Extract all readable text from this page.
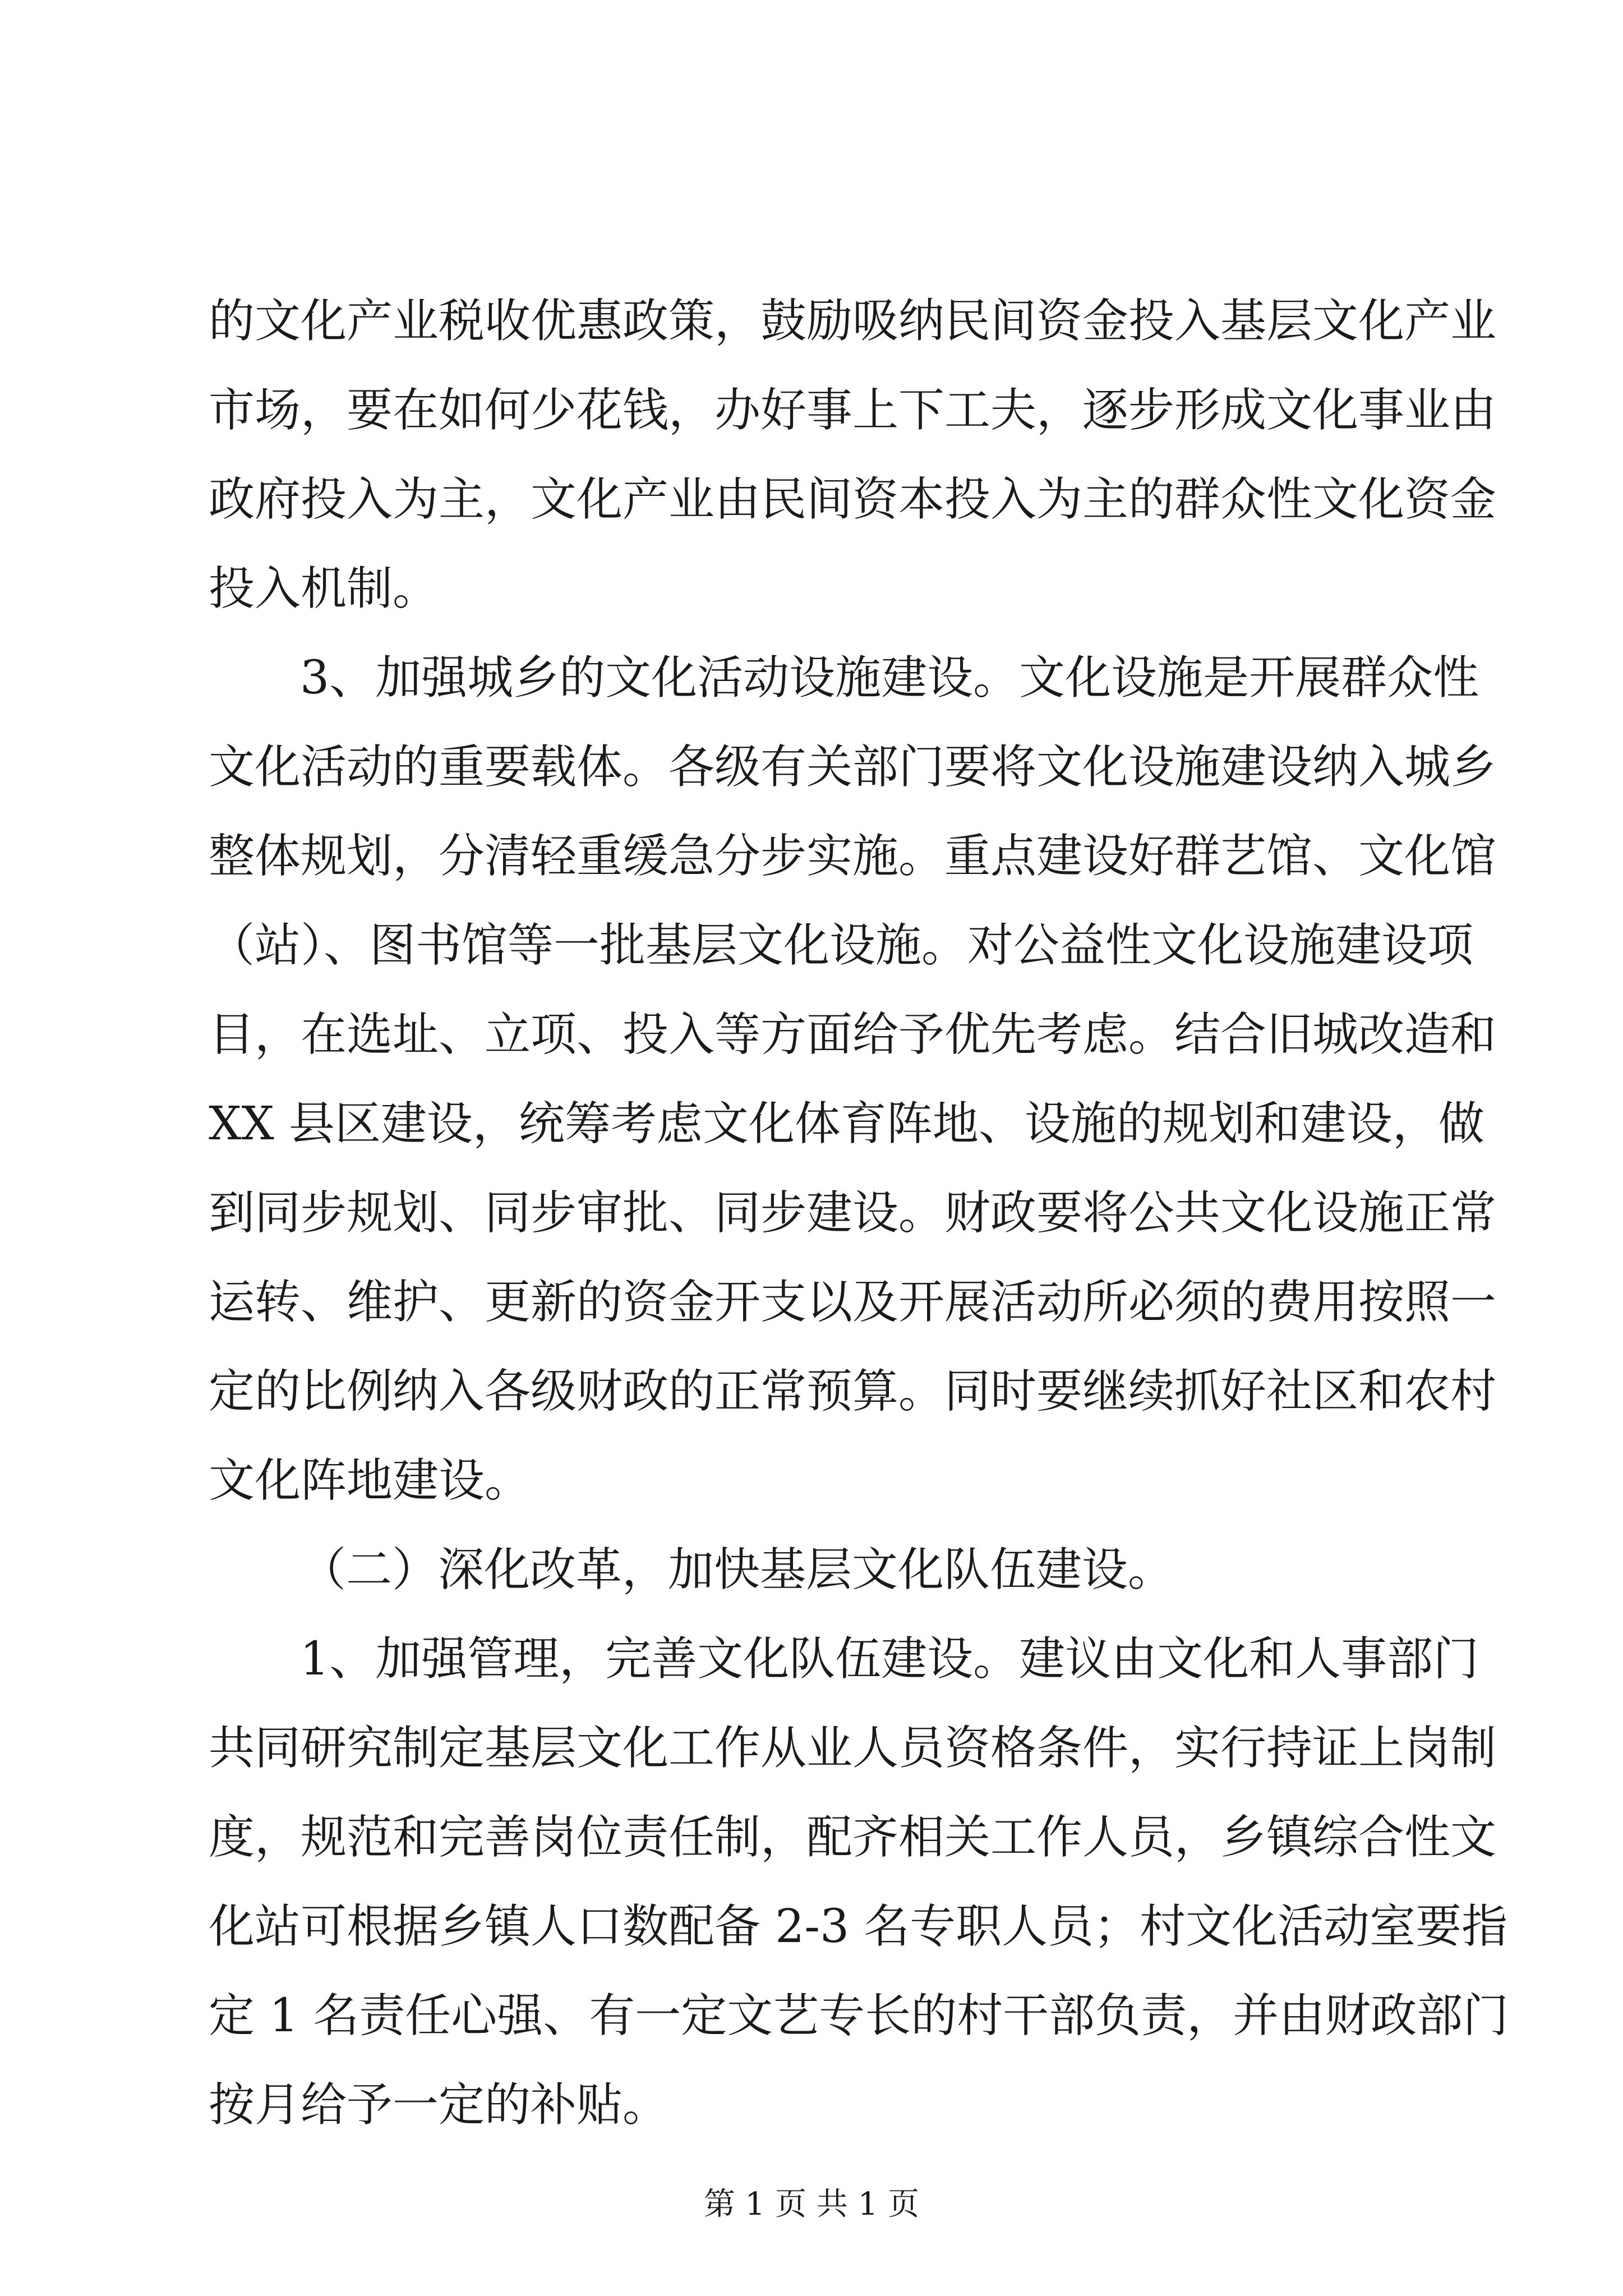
的文化产业税收优惠政策，鼓励吸纳民间资金投入基层文化产业
市场，要在如何少花钱，办好事上下工夫，逐步形成文化事业由
政府投入为主，文化产业由民间资本投入为主的群众性文化资金
投入机制。
3、加强城乡的文化活动设施建设。文化设施是开展群众性
文化活动的重要载体。各级有关部门要将文化设施建设纳入城乡
整体规划，分清轻重缓急分步实施。重点建设好群艺馆、文化馆
（站）、图书馆等一批基层文化设施。对公益性文化设施建设项
目，在选址、立项、投入等方面给予优先考虑。结合旧城改造和
XX 县区建设，统筹考虑文化体育阵地、设施的规划和建设，做
到同步规划、同步审批、同步建设。财政要将公共文化设施正常
运转、维护、更新的资金开支以及开展活动所必须的费用按照一
定的比例纳入各级财政的正常预算。同时要继续抓好社区和农村
文化阵地建设。
（二）深化改革，加快基层文化队伍建设。
1、加强管理，完善文化队伍建设。建议由文化和人事部门
共同研究制定基层文化工作从业人员资格条件，实行持证上岗制
度，规范和完善岗位责任制，配齐相关工作人员，乡镇综合性文
化站可根据乡镇人口数配备 2-3 名专职人员；村文化活动室要指
定 1 名责任心强、有一定文艺专长的村干部负责，并由财政部门
按月给予一定的补贴。
第 1 页 共 1 页
